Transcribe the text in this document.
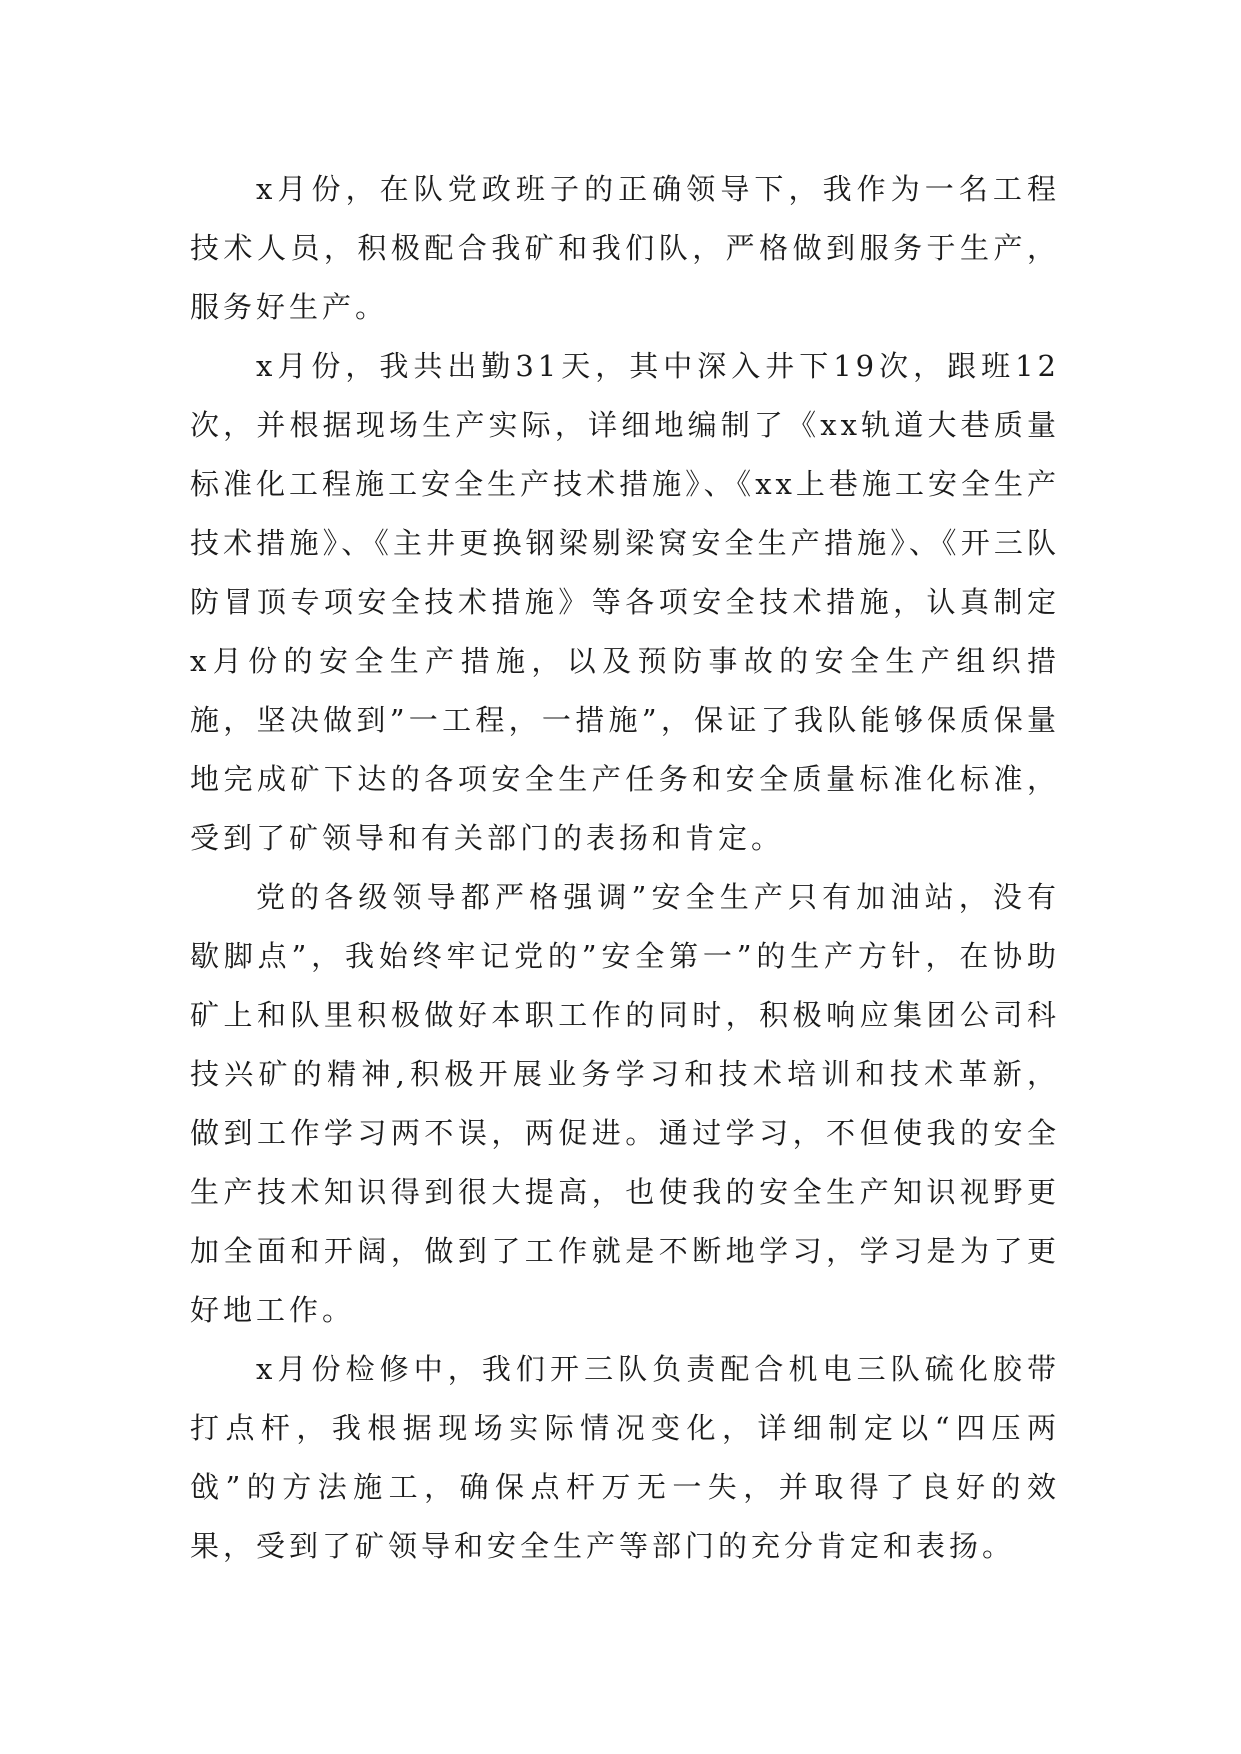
x月份，在队党政班子的正确领导下，我作为一名工程技术人员，积极配合我矿和我们队，严格做到服务于生产，服务好生产。

x月份，我共出勤31天，其中深入井下19次，跟班12次，并根据现场生产实际，详细地编制了《xx轨道大巷质量标准化工程施工安全生产技术措施》、《xx上巷施工安全生产技术措施》、《主井更换钢梁剔梁窝安全生产措施》、《开三队防冒顶专项安全技术措施》等各项安全技术措施，认真制定x月份的安全生产措施，以及预防事故的安全生产组织措施，坚决做到”一工程，一措施”，保证了我队能够保质保量地完成矿下达的各项安全生产任务和安全质量标准化标准，受到了矿领导和有关部门的表扬和肯定。

党的各级领导都严格强调”安全生产只有加油站，没有歇脚点”，我始终牢记党的”安全第一”的生产方针，在协助矿上和队里积极做好本职工作的同时，积极响应集团公司科技兴矿的精神,积极开展业务学习和技术培训和技术革新，做到工作学习两不误，两促进。通过学习，不但使我的安全生产技术知识得到很大提高，也使我的安全生产知识视野更加全面和开阔，做到了工作就是不断地学习，学习是为了更好地工作。

x月份检修中，我们开三队负责配合机电三队硫化胶带打点杆，我根据现场实际情况变化，详细制定以“四压两戗”的方法施工，确保点杆万无一失，并取得了良好的效果，受到了矿领导和安全生产等部门的充分肯定和表扬。
